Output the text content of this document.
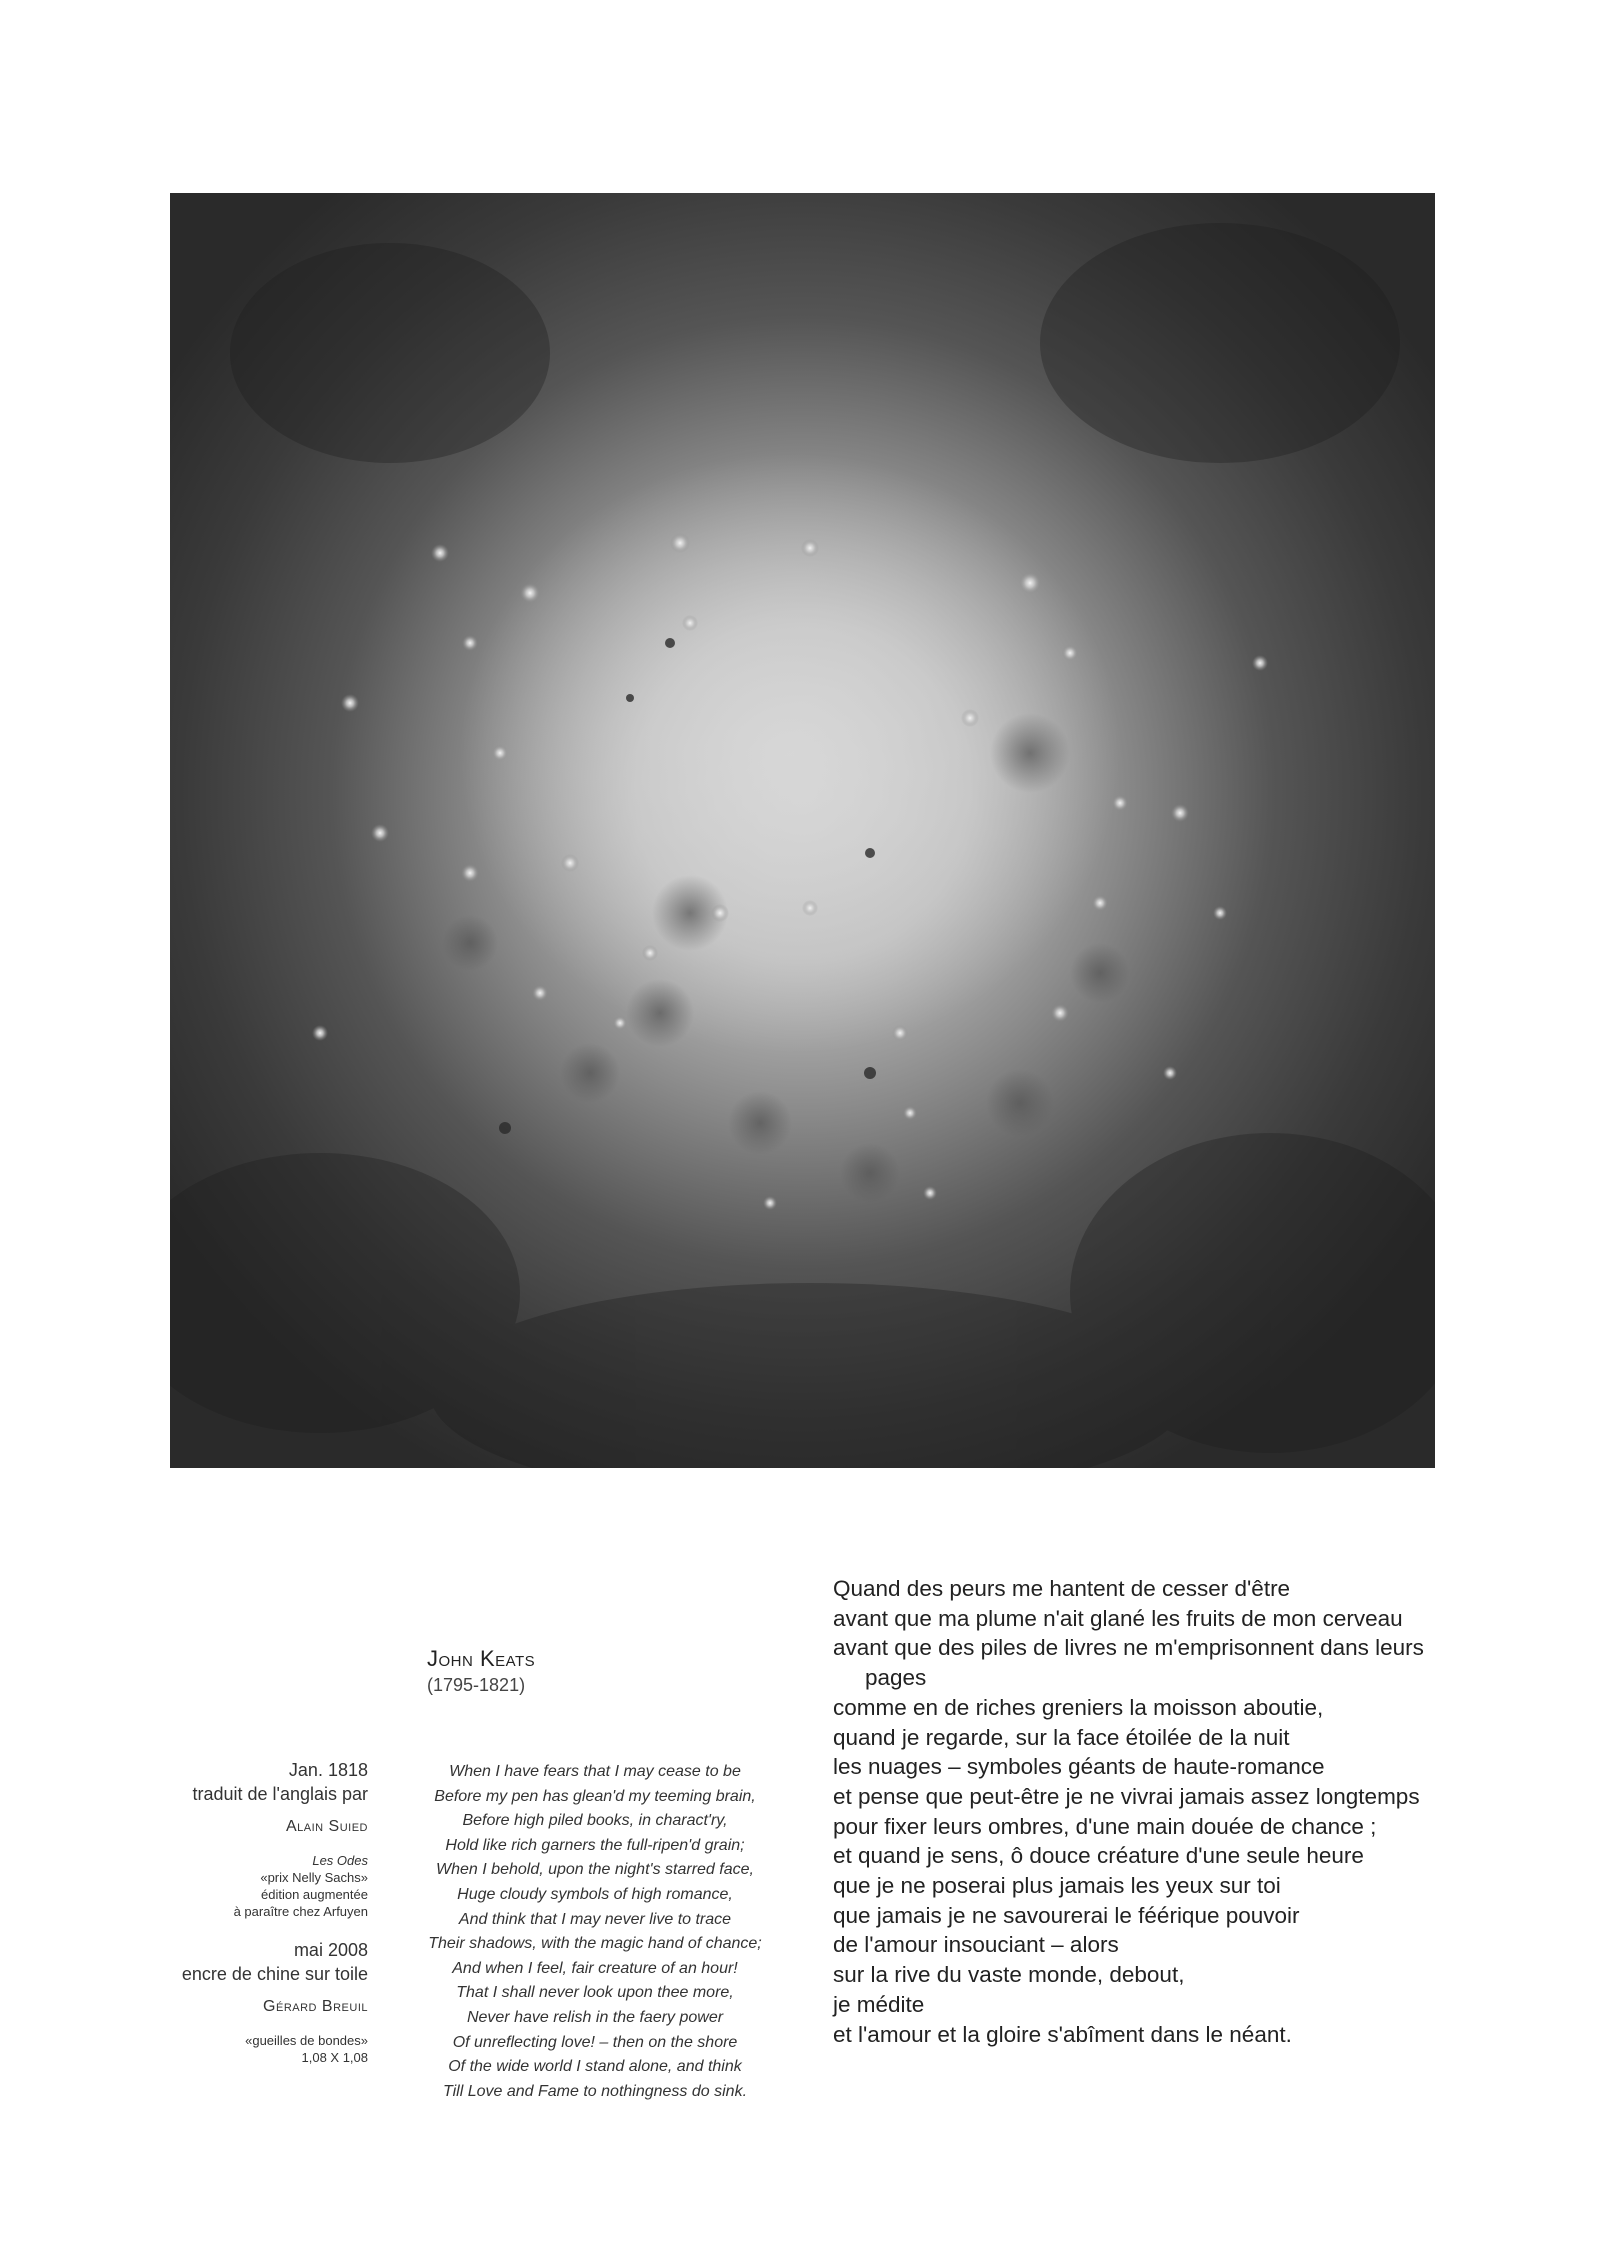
Jan. 1818
traduit de l'anglais par
Alain Suied
Les Odes
«prix Nelly Sachs»
édition augmentée
à paraître chez Arfuyen
mai 2008
encre de chine sur toile
Gérard Breuil
«gueilles de bondes»
1,08 X 1,08
John Keats
(1795-1821)
When I have fears that I may cease to be
Before my pen has glean'd my teeming brain,
Before high piled books, in charact'ry,
Hold like rich garners the full-ripen'd grain;
When I behold, upon the night's starred face,
Huge cloudy symbols of high romance,
And think that I may never live to trace
Their shadows, with the magic hand of chance;
And when I feel, fair creature of an hour!
That I shall never look upon thee more,
Never have relish in the faery power
Of unreflecting love! – then on the shore
Of the wide world I stand alone, and think
Till Love and Fame to nothingness do sink.
Quand des peurs me hantent de cesser d'être
avant que ma plume n'ait glané les fruits de mon cerveau
avant que des piles de livres ne m'emprisonnent dans leurs pages
comme en de riches greniers la moisson aboutie,
quand je regarde, sur la face étoilée de la nuit
les nuages – symboles géants de haute-romance
et pense que peut-être je ne vivrai jamais assez longtemps
pour fixer leurs ombres, d'une main douée de chance ;
et quand je sens, ô douce créature d'une seule heure
que je ne poserai plus jamais les yeux sur toi
que jamais je ne savourerai le féérique pouvoir
de l'amour insouciant – alors
sur la rive du vaste monde, debout,
je médite
et l'amour et la gloire s'abîment dans le néant.
